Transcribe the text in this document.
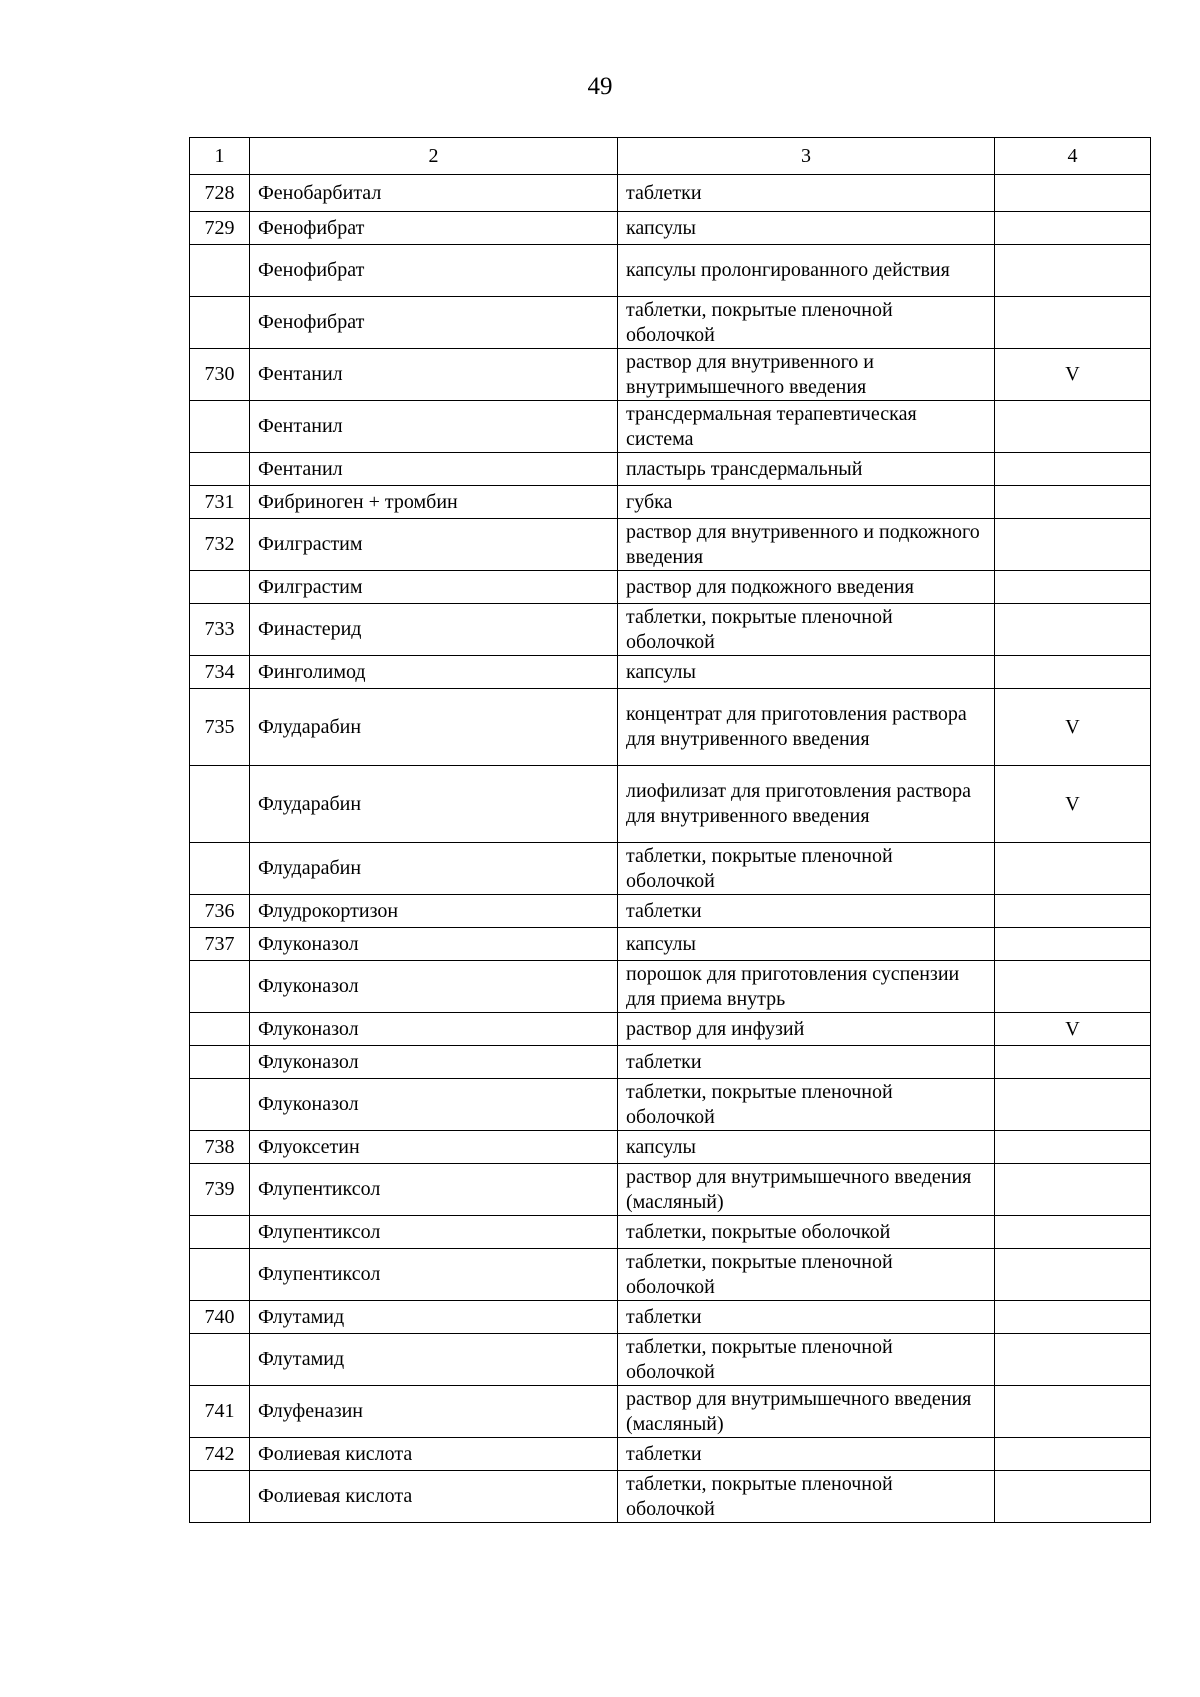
49
1	2	3	4
728	Фенобарбитал	таблетки	
729	Фенофибрат	капсулы	
	Фенофибрат	капсулы пролонгированного действия	
	Фенофибрат	таблетки, покрытые пленочной оболочкой	
730	Фентанил	раствор для внутривенного и внутримышечного введения	V
	Фентанил	трансдермальная терапевтическая система	
	Фентанил	пластырь трансдермальный	
731	Фибриноген + тромбин	губка	
732	Филграстим	раствор для внутривенного и подкожного введения	
	Филграстим	раствор для подкожного введения	
733	Финастерид	таблетки, покрытые пленочной оболочкой	
734	Финголимод	капсулы	
735	Флударабин	концентрат для приготовления раствора для внутривенного введения	V
	Флударабин	лиофилизат для приготовления раствора для внутривенного введения	V
	Флударабин	таблетки, покрытые пленочной оболочкой	
736	Флудрокортизон	таблетки	
737	Флуконазол	капсулы	
	Флуконазол	порошок для приготовления суспензии для приема внутрь	
	Флуконазол	раствор для инфузий	V
	Флуконазол	таблетки	
	Флуконазол	таблетки, покрытые пленочной оболочкой	
738	Флуоксетин	капсулы	
739	Флупентиксол	раствор для внутримышечного введения (масляный)	
	Флупентиксол	таблетки, покрытые оболочкой	
	Флупентиксол	таблетки, покрытые пленочной оболочкой	
740	Флутамид	таблетки	
	Флутамид	таблетки, покрытые пленочной оболочкой	
741	Флуфеназин	раствор для внутримышечного введения (масляный)	
742	Фолиевая кислота	таблетки	
	Фолиевая кислота	таблетки, покрытые пленочной оболочкой	
